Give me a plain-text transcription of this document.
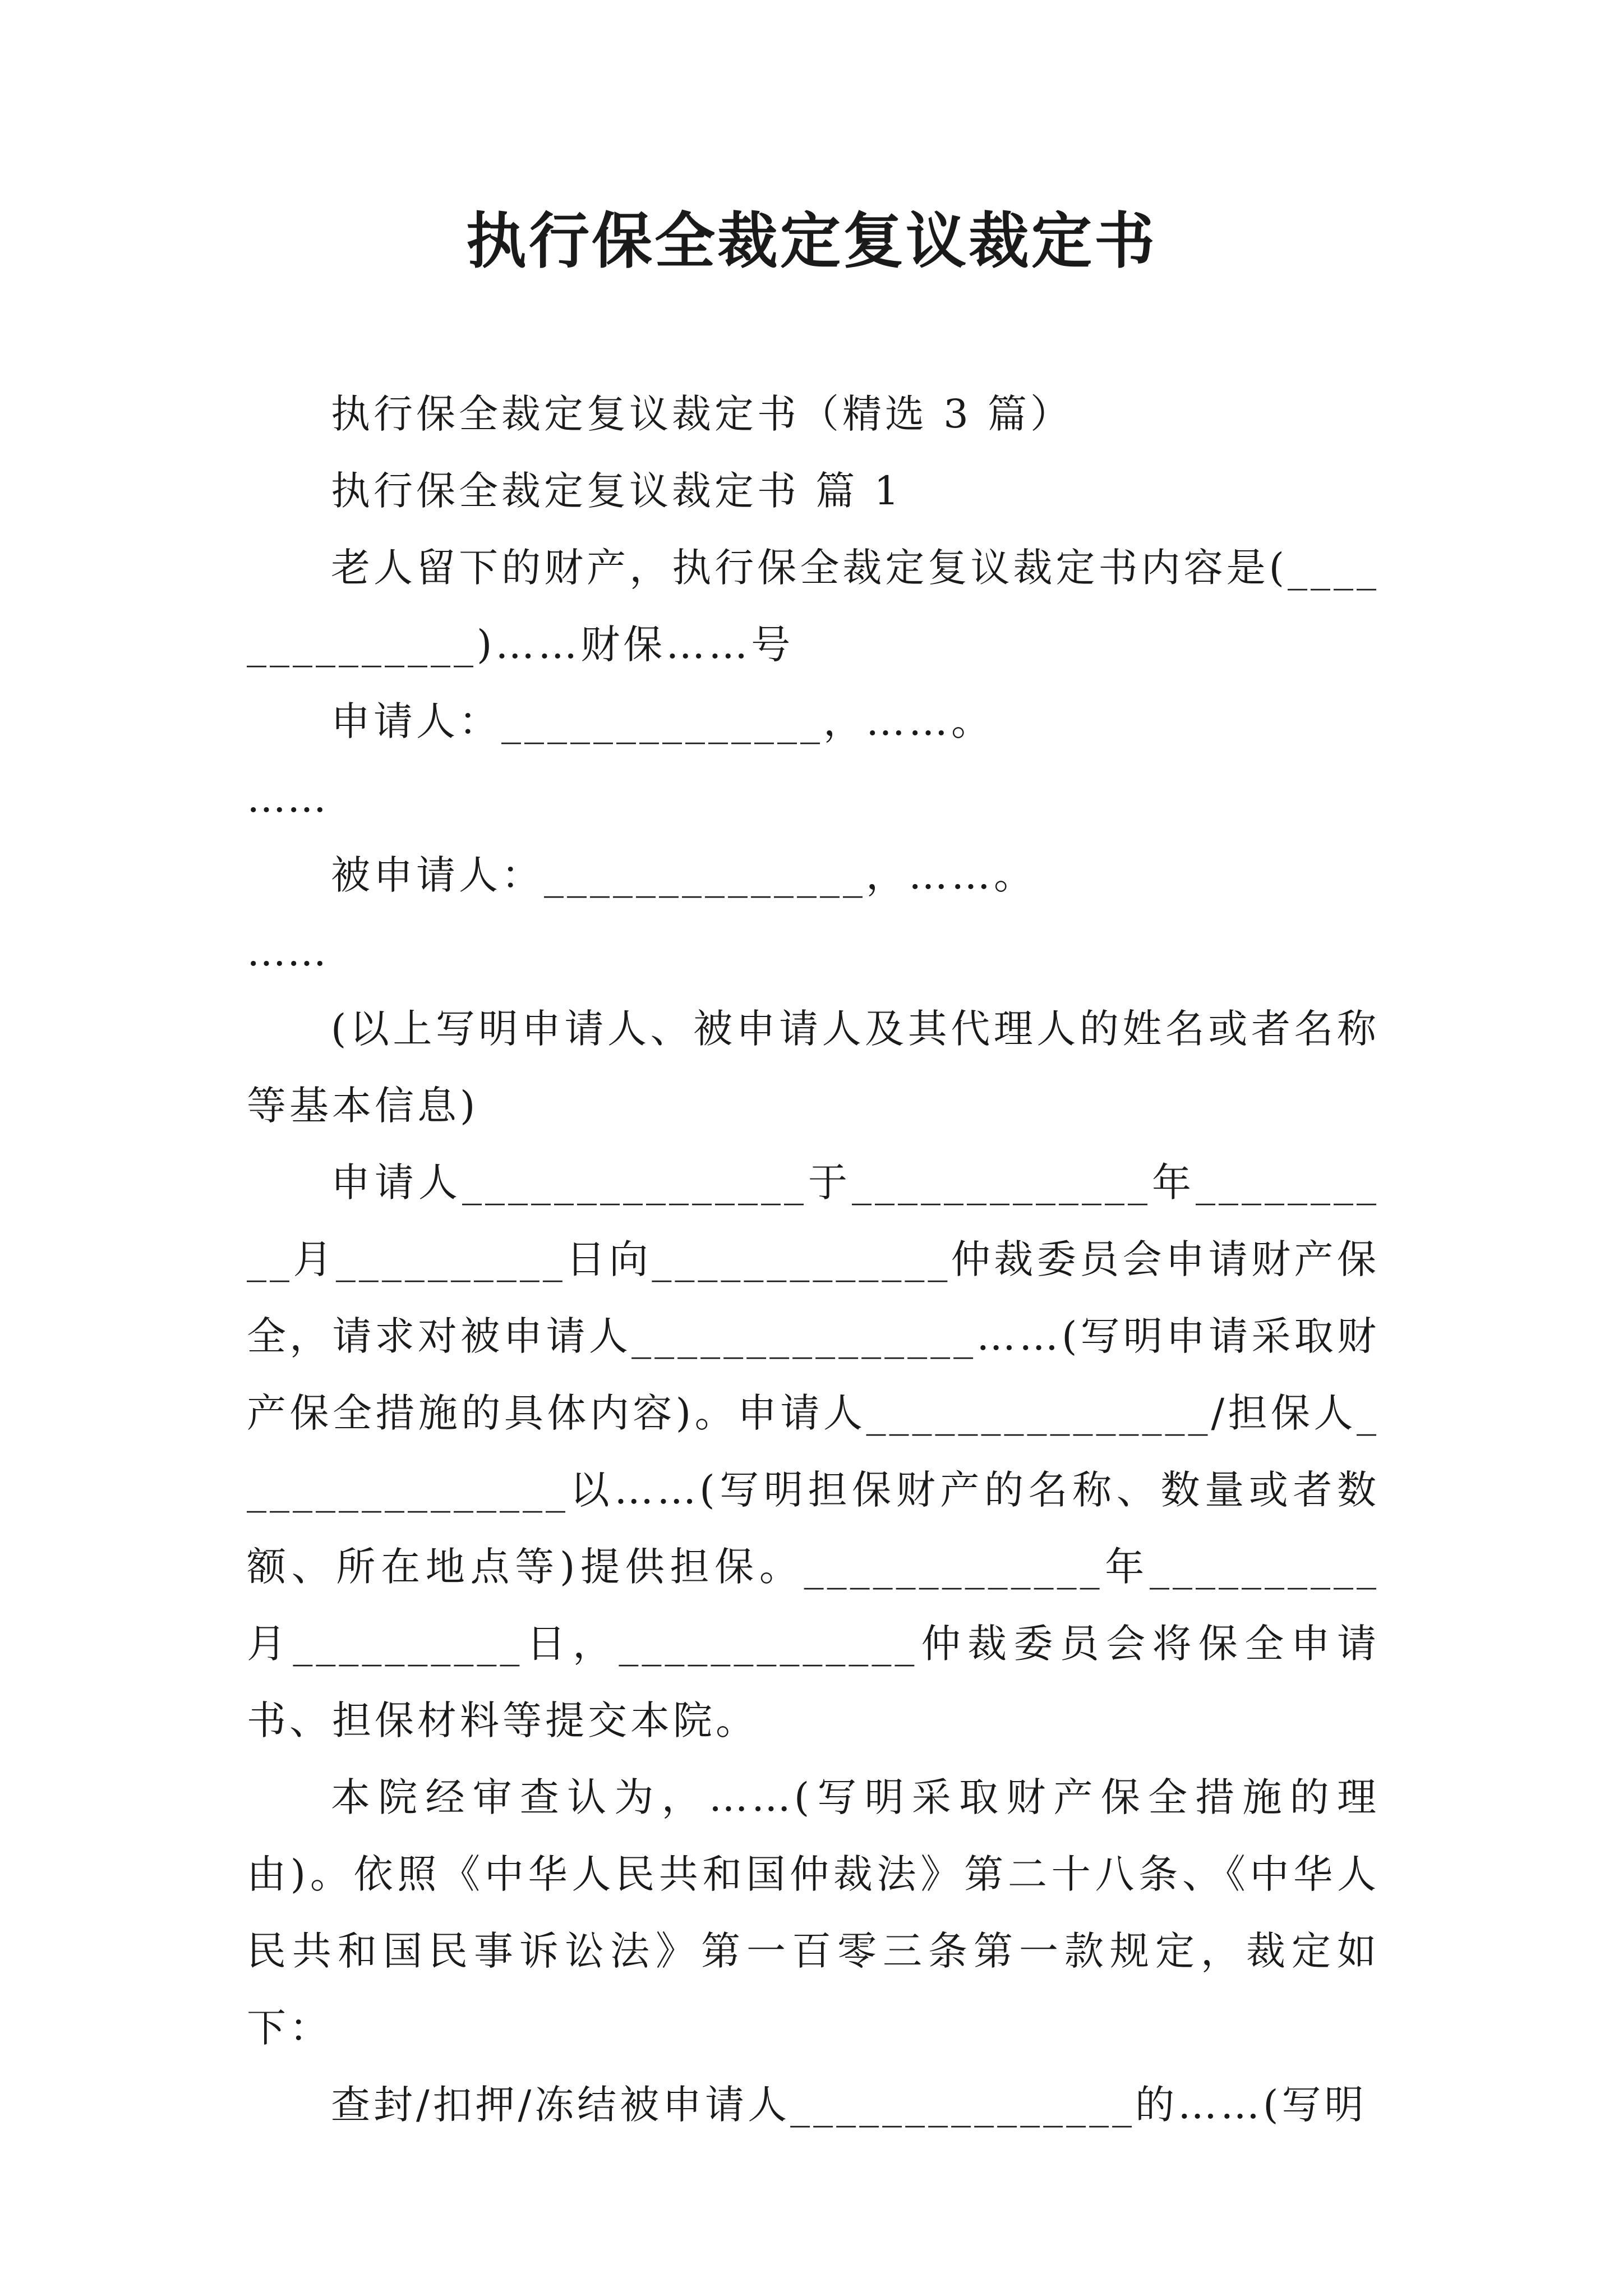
执行保全裁定复议裁定书

执行保全裁定复议裁定书（精选 3 篇）

执行保全裁定复议裁定书 篇 1

老人留下的财产，执行保全裁定复议裁定书内容是(______________)……财保……号

申请人：______________，……。

……

被申请人：______________，……。

……

(以上写明申请人、被申请人及其代理人的姓名或者名称等基本信息)

申请人_______________于_____________年__________月__________日向_____________仲裁委员会申请财产保全，请求对被申请人_______________……(写明申请采取财产保全措施的具体内容)。申请人_______________/担保人_______________以……(写明担保财产的名称、数量或者数额、所在地点等)提供担保。_____________年__________月__________日，_____________仲裁委员会将保全申请书、担保材料等提交本院。

本院经审查认为，……(写明采取财产保全措施的理由)。依照《中华人民共和国仲裁法》第二十八条、《中华人民共和国民事诉讼法》第一百零三条第一款规定，裁定如下：

查封/扣押/冻结被申请人_______________的……(写明
